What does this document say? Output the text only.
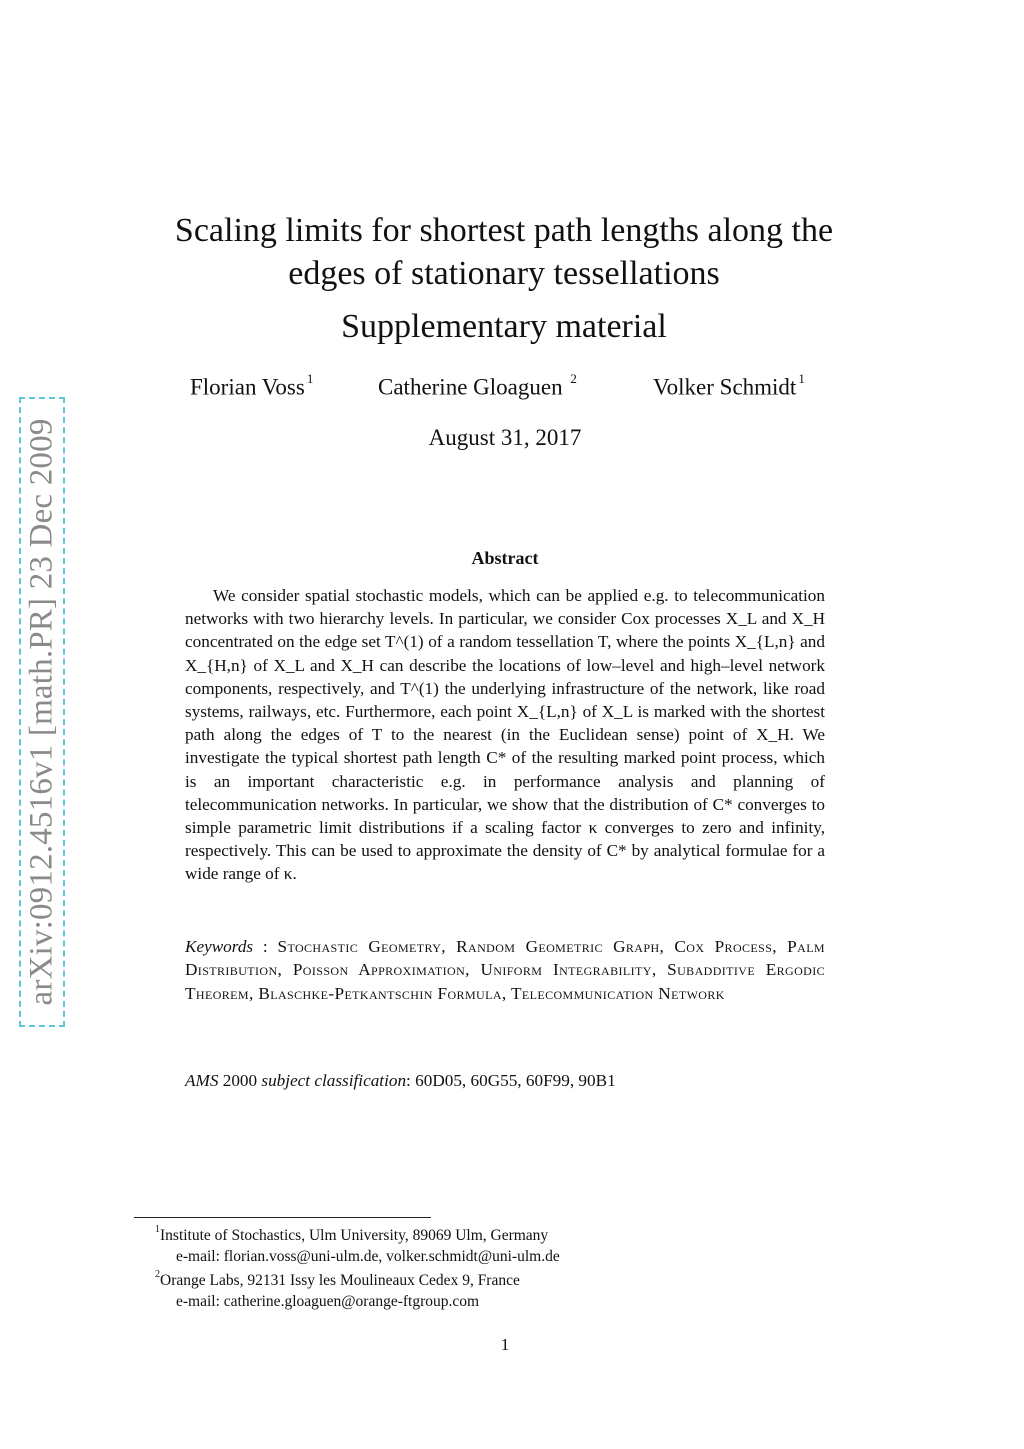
arXiv:0912.4516v1 [math.PR] 23 Dec 2009
Scaling limits for shortest path lengths along the
edges of stationary tessellations
Supplementary material
Florian Voss $^1$	Catherine Gloaguen $^2$	Volker Schmidt $^1$
August 31, 2017
Abstract

We consider spatial stochastic models, which can be applied e.g. to telecommunication networks with two hierarchy levels. In particular, we consider Cox processes X_L and X_H concentrated on the edge set T^(1) of a random tessellation T, where the points X_{L,n} and X_{H,n} of X_L and X_H can describe the locations of low–level and high–level network components, respectively, and T^(1) the underlying infrastructure of the network, like road systems, railways, etc. Furthermore, each point X_{L,n} of X_L is marked with the shortest path along the edges of T to the nearest (in the Euclidean sense) point of X_H. We investigate the typical shortest path length C* of the resulting marked point process, which is an important characteristic e.g. in performance analysis and planning of telecommunication networks. In particular, we show that the distribution of C* converges to simple parametric limit distributions if a scaling factor κ converges to zero and infinity, respectively. This can be used to approximate the density of C* by analytical formulae for a wide range of κ.

Keywords : Stochastic Geometry, Random Geometric Graph, Cox Process, Palm Distribution, Poisson Approximation, Uniform Integrability, Subadditive Ergodic Theorem, Blaschke-Petkantschin Formula, Telecommunication Network

AMS 2000 subject classification: 60D05, 60G55, 60F99, 90B1
$^1$Institute of Stochastics, Ulm University, 89069 Ulm, Germany
e-mail: florian.voss@uni-ulm.de, volker.schmidt@uni-ulm.de
$^2$Orange Labs, 92131 Issy les Moulineaux Cedex 9, France
e-mail: catherine.gloaguen@orange-ftgroup.com
1
